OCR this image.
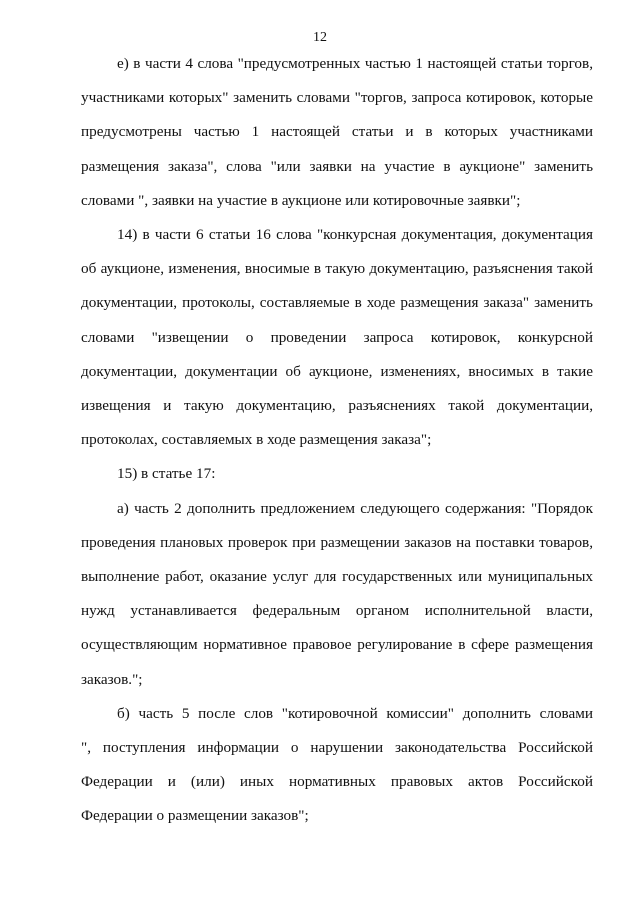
12

е) в части 4 слова "предусмотренных частью 1 настоящей статьи торгов,
участниками которых" заменить словами "торгов, запроса котировок, которые
предусмотрены частью 1 настоящей статьи и в которых участниками
размещения заказа", слова "или заявки на участие в аукционе" заменить
словами ", заявки на участие в аукционе или котировочные заявки";

14) в части 6 статьи 16 слова "конкурсная документация, документация
об аукционе, изменения, вносимые в такую документацию, разъяснения такой
документации, протоколы, составляемые в ходе размещения заказа" заменить
словами "извещении о проведении запроса котировок, конкурсной
документации, документации об аукционе, изменениях, вносимых в такие
извещения и такую документацию, разъяснениях такой документации,
протоколах, составляемых в ходе размещения заказа";

15) в статье 17:

а) часть 2 дополнить предложением следующего содержания: "Порядок
проведения плановых проверок при размещении заказов на поставки товаров,
выполнение работ, оказание услуг для государственных или муниципальных
нужд устанавливается федеральным органом исполнительной власти,
осуществляющим нормативное правовое регулирование в сфере размещения
заказов.";

б) часть 5 после слов "котировочной комиссии" дополнить словами
", поступления информации о нарушении законодательства Российской
Федерации и (или) иных нормативных правовых актов Российской
Федерации о размещении заказов";
